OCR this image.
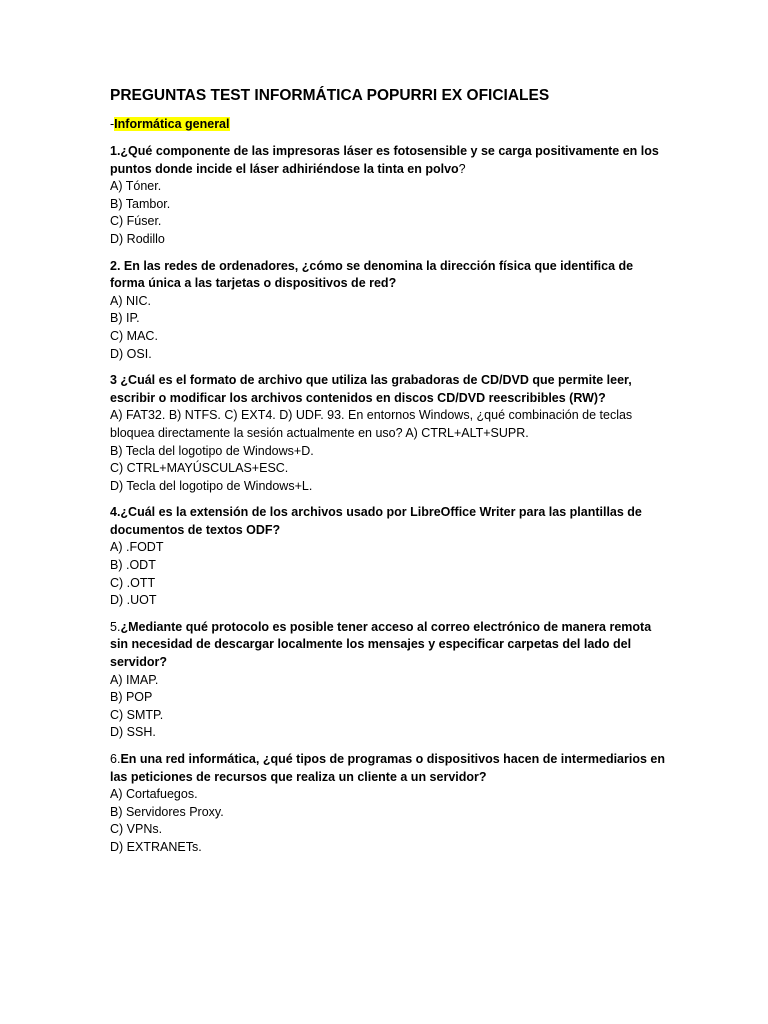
PREGUNTAS TEST INFORMÁTICA POPURRI EX OFICIALES
-Informática general

1.¿Qué componente de las impresoras láser es fotosensible y se carga positivamente en los puntos donde incide el láser adhiriéndose la tinta en polvo?

A) Tóner.

B) Tambor.

C) Fúser.

D) Rodillo

2. En las redes de ordenadores, ¿cómo se denomina la dirección física que identifica de forma única a las tarjetas o dispositivos de red?

A) NIC.

B) IP.

C) MAC.

D) OSI.

3 ¿Cuál es el formato de archivo que utiliza las grabadoras de CD/DVD que permite leer, escribir o modificar los archivos contenidos en discos CD/DVD reescribibles (RW)?

A) FAT32. B) NTFS. C) EXT4. D) UDF. 93. En entornos Windows, ¿qué combinación de teclas bloquea directamente la sesión actualmente en uso? A) CTRL+ALT+SUPR.

B) Tecla del logotipo de Windows+D.

C) CTRL+MAYÚSCULAS+ESC.

D) Tecla del logotipo de Windows+L.

4.¿Cuál es la extensión de los archivos usado por LibreOffice Writer para las plantillas de documentos de textos ODF?

A) .FODT

B) .ODT

C) .OTT

D) .UOT

5.¿Mediante qué protocolo es posible tener acceso al correo electrónico de manera remota sin necesidad de descargar localmente los mensajes y especificar carpetas del lado del servidor?

A) IMAP.

B) POP

C) SMTP.

D) SSH.

6.En una red informática, ¿qué tipos de programas o dispositivos hacen de intermediarios en las peticiones de recursos que realiza un cliente a un servidor?

A) Cortafuegos.

B) Servidores Proxy.

C) VPNs.

D) EXTRANETs.
